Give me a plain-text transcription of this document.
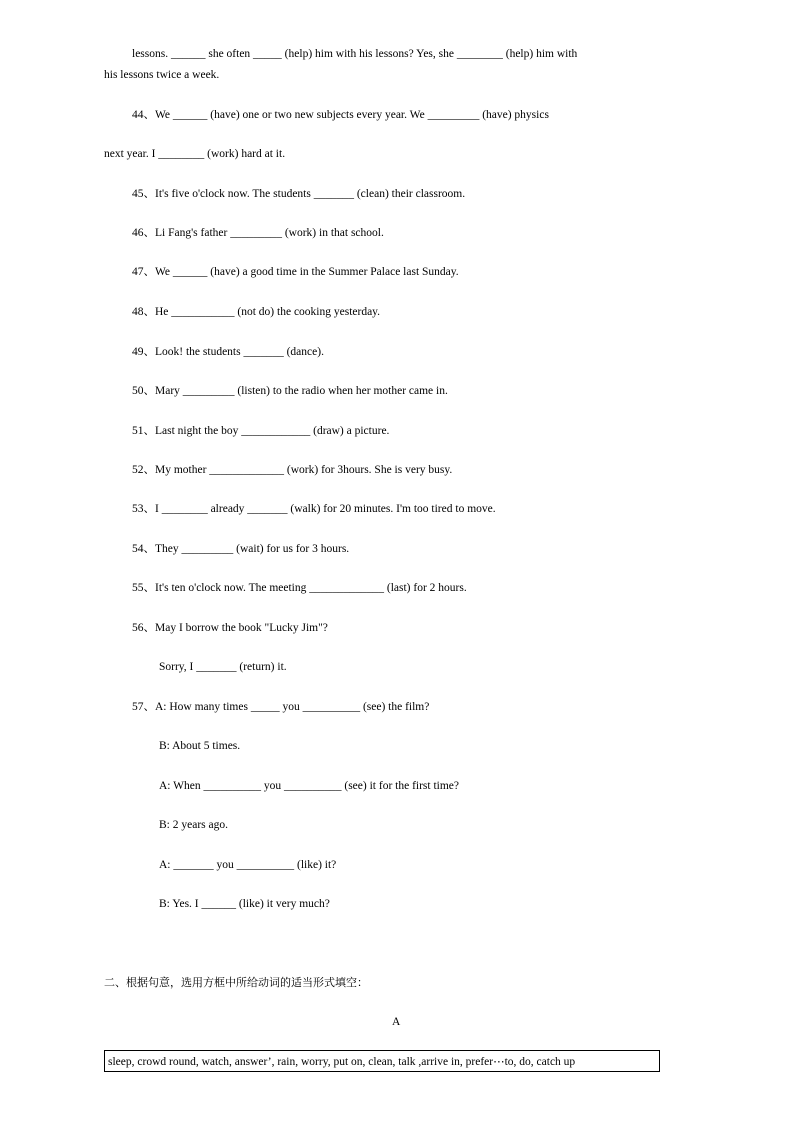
lessons. ______ she often _____ (help) him with his lessons? Yes, she ________ (help) him with
his lessons twice a week.
44、We ______ (have) one or two new subjects every year. We _________ (have) physics
next year. I ________ (work) hard at it.
45、It's five o'clock now. The students _______ (clean) their classroom.
46、Li Fang's father _________ (work) in that school.
47、We ______ (have) a good time in the Summer Palace last Sunday.
48、He ___________ (not do) the cooking yesterday.
49、Look! the students _______ (dance).
50、Mary _________ (listen) to the radio when her mother came in.
51、Last night the boy ____________ (draw) a picture.
52、My mother _____________ (work) for 3hours. She is very busy.
53、I ________ already _______ (walk) for 20 minutes. I'm too tired to move.
54、They _________ (wait) for us for 3 hours.
55、It's ten o'clock now. The meeting _____________ (last) for 2 hours.
56、May I borrow the book "Lucky Jim"?
Sorry, I _______ (return) it.
57、A: How many times _____ you __________ (see) the film?
B: About 5 times.
A: When __________ you __________ (see) it for the first time?
B: 2 years ago.
A: _______ you __________ (like) it?
B: Yes. I ______ (like) it very much?
二、根据句意，选用方框中所给动词的适当形式填空：
A
sleep, crowd round, watch, answer’, rain, worry, put on, clean, talk ,arrive in, prefer⋯to, do, catch up
